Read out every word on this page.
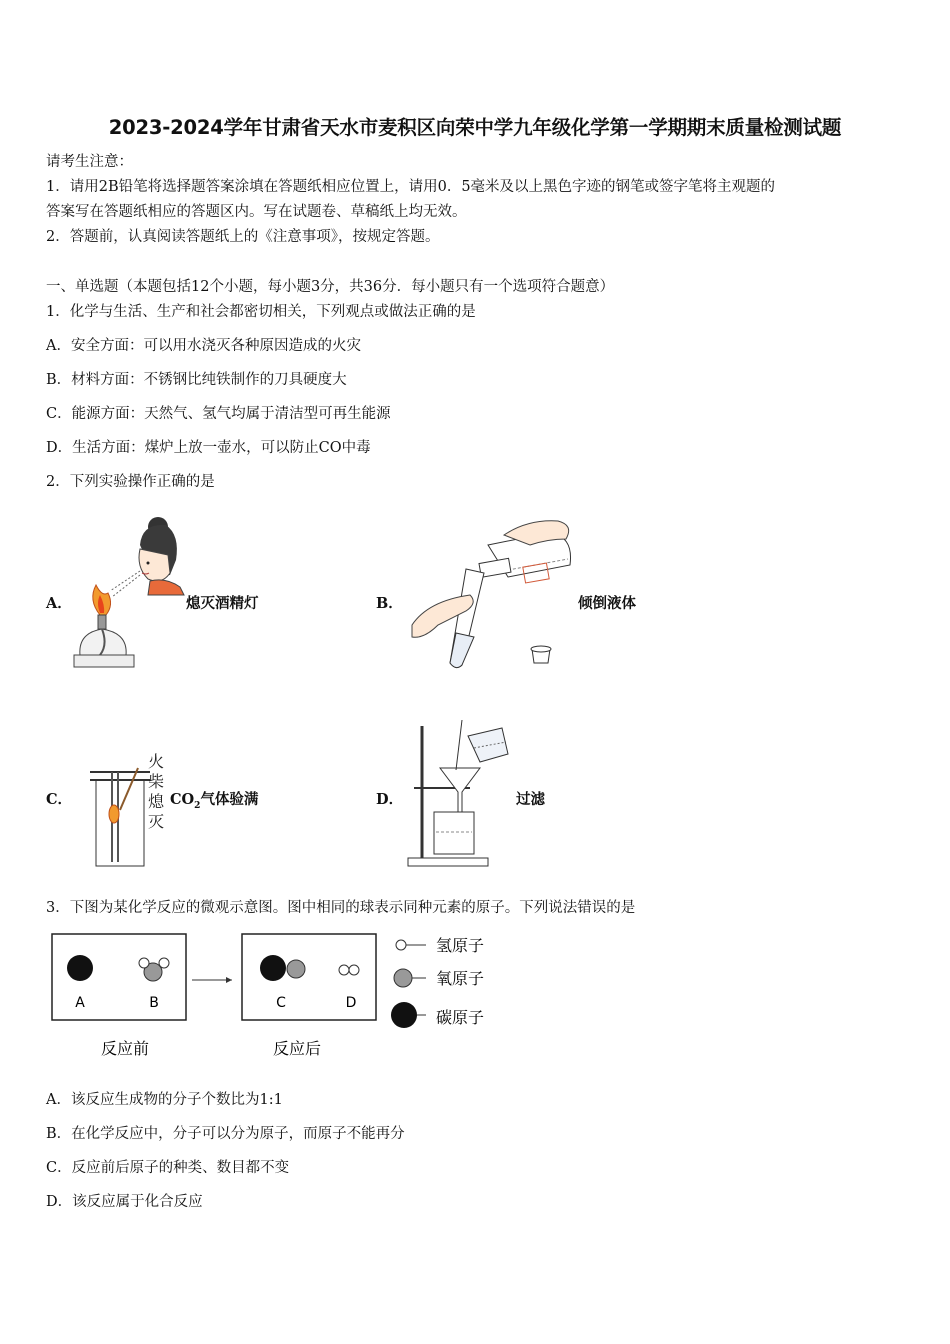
2023-2024学年甘肃省天水市麦积区向荣中学九年级化学第一学期期末质量检测试题
请考生注意：
1．请用2B铅笔将选择题答案涂填在答题纸相应位置上，请用0．5毫米及以上黑色字迹的钢笔或签字笔将主观题的
答案写在答题纸相应的答题区内。写在试题卷、草稿纸上均无效。
2．答题前，认真阅读答题纸上的《注意事项》，按规定答题。
一、单选题（本题包括12个小题，每小题3分，共36分．每小题只有一个选项符合题意）
1．化学与生活、生产和社会都密切相关，下列观点或做法正确的是
A．安全方面：可以用水浇灭各种原因造成的火灾
B．材料方面：不锈钢比纯铁制作的刀具硬度大
C．能源方面：天然气、氢气均属于清洁型可再生能源
D．生活方面：煤炉上放一壶水，可以防止CO中毒
2．下列实验操作正确的是
A．	熄灭酒精灯	B．	倾倒液体
C．
火
柴
熄
灭
$CO_2$气体验满	D．	过滤
3．下图为某化学反应的微观示意图。图中相同的球表示同种元素的原子。下列说法错误的是
A	B	C	D
反应前	反应后
氢原子
氧原子
碳原子
A．该反应生成物的分子个数比为1:1
B．在化学反应中，分子可以分为原子，而原子不能再分
C．反应前后原子的种类、数目都不变
D．该反应属于化合反应
